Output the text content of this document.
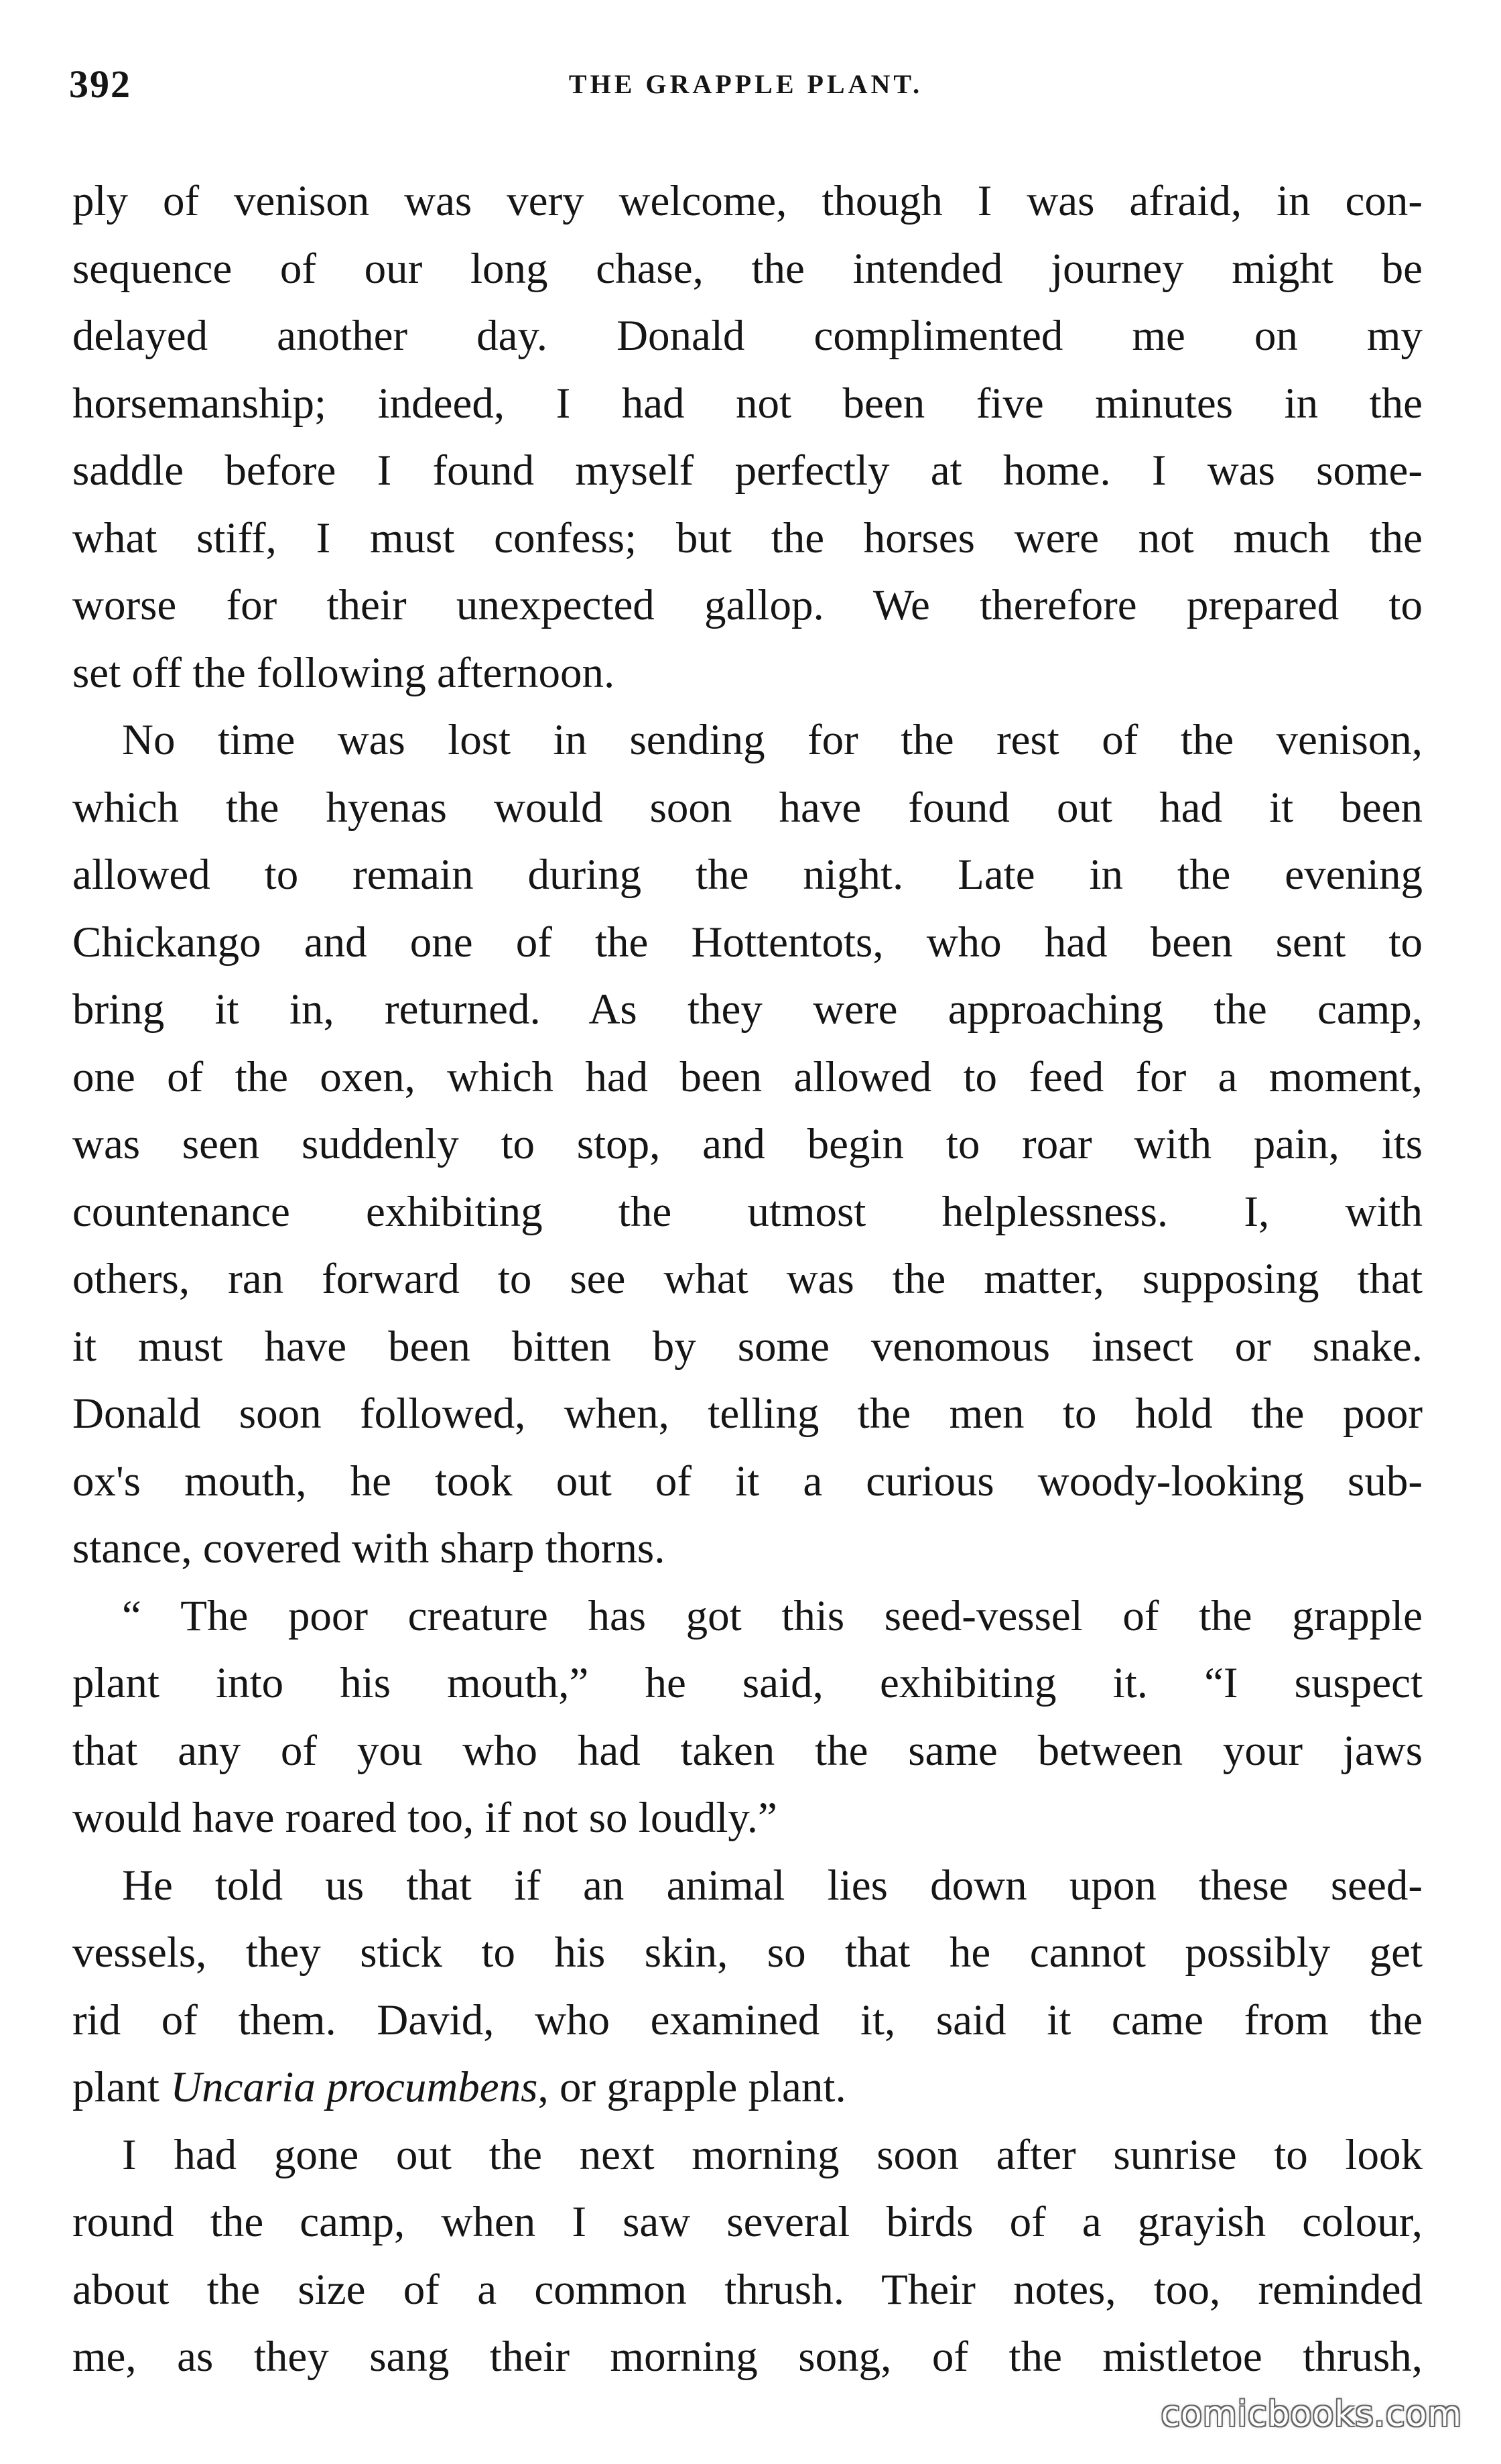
392	THE GRAPPLE PLANT.
ply of venison was very welcome, though I was afraid, in con-
sequence of our long chase, the intended journey might be
delayed another day. Donald complimented me on my
horsemanship; indeed, I had not been five minutes in the
saddle before I found myself perfectly at home. I was some-
what stiff, I must confess; but the horses were not much the
worse for their unexpected gallop. We therefore prepared to
set off the following afternoon.
No time was lost in sending for the rest of the venison,
which the hyenas would soon have found out had it been
allowed to remain during the night. Late in the evening
Chickango and one of the Hottentots, who had been sent to
bring it in, returned. As they were approaching the camp,
one of the oxen, which had been allowed to feed for a moment,
was seen suddenly to stop, and begin to roar with pain, its
countenance exhibiting the utmost helplessness. I, with
others, ran forward to see what was the matter, supposing that
it must have been bitten by some venomous insect or snake.
Donald soon followed, when, telling the men to hold the poor
ox's mouth, he took out of it a curious woody-looking sub-
stance, covered with sharp thorns.
“ The poor creature has got this seed-vessel of the grapple
plant into his mouth,” he said, exhibiting it. “I suspect
that any of you who had taken the same between your jaws
would have roared too, if not so loudly.”
He told us that if an animal lies down upon these seed-
vessels, they stick to his skin, so that he cannot possibly get
rid of them. David, who examined it, said it came from the
plant Uncaria procumbens, or grapple plant.
I had gone out the next morning soon after sunrise to look
round the camp, when I saw several birds of a grayish colour,
about the size of a common thrush. Their notes, too, reminded
me, as they sang their morning song, of the mistletoe thrush,
comicbooks.com
